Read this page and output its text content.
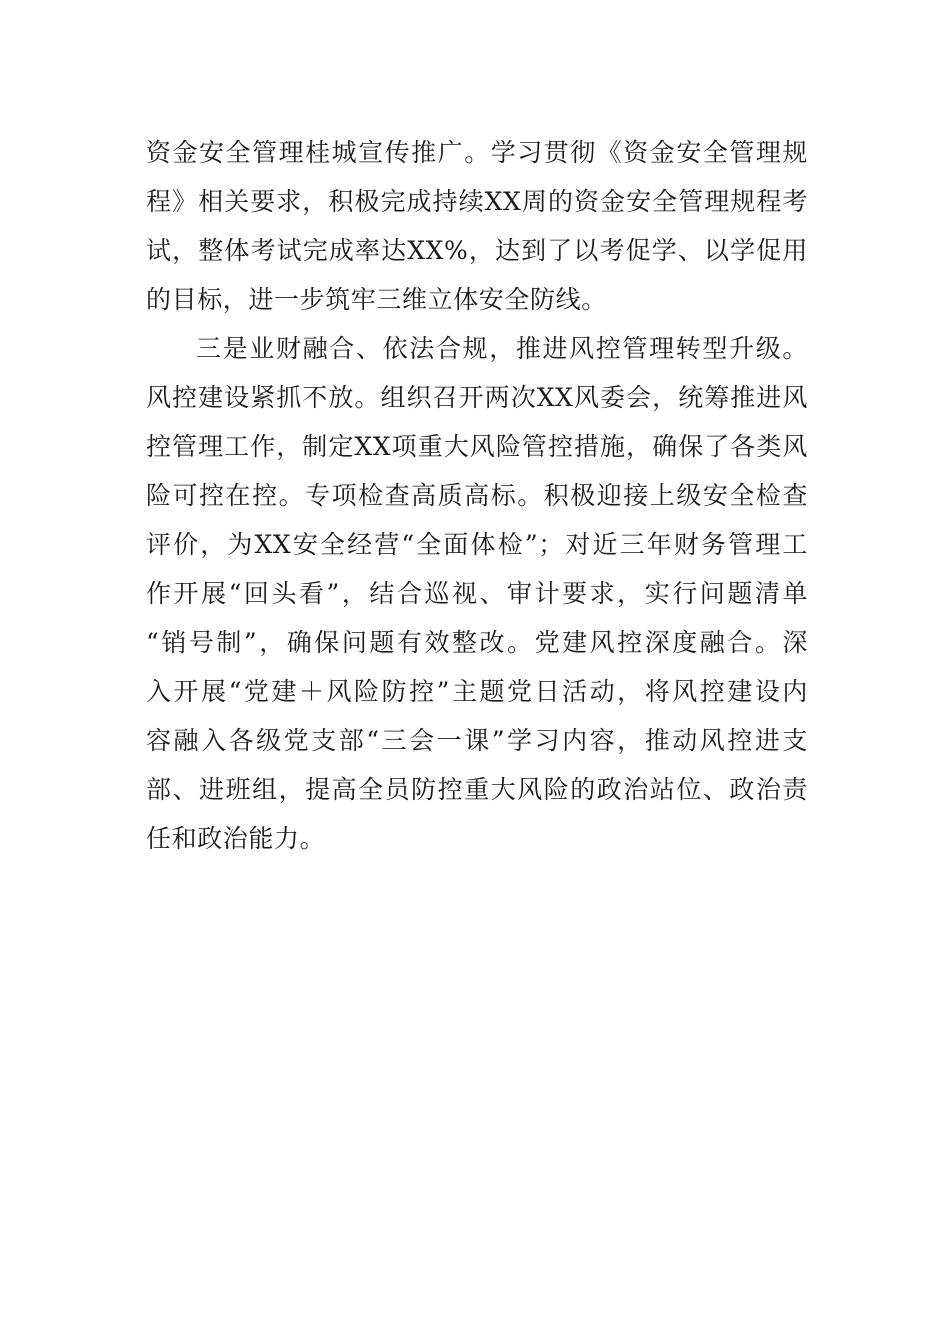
资金安全管理桂城宣传推广。学习贯彻《资金安全管理规
程》相关要求，积极完成持续XX周的资金安全管理规程考
试，整体考试完成率达XX%，达到了以考促学、以学促用
的目标，进一步筑牢三维立体安全防线。
三是业财融合、依法合规，推进风控管理转型升级。
风控建设紧抓不放。组织召开两次XX风委会，统筹推进风
控管理工作，制定XX项重大风险管控措施，确保了各类风
险可控在控。专项检查高质高标。积极迎接上级安全检查
评价，为XX安全经营“全面体检”；对近三年财务管理工
作开展“回头看”，结合巡视、审计要求，实行问题清单
“销号制”，确保问题有效整改。党建风控深度融合。深
入开展“党建＋风险防控”主题党日活动，将风控建设内
容融入各级党支部“三会一课”学习内容，推动风控进支
部、进班组，提高全员防控重大风险的政治站位、政治责
任和政治能力。
